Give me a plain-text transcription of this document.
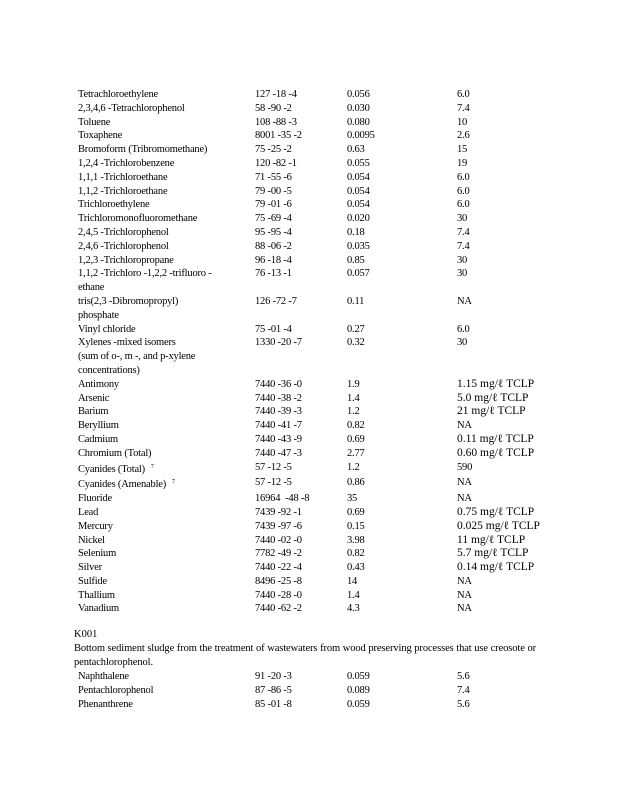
Tetrachloroethylene	127 -18 -4	0.056	6.0
2,3,4,6 -Tetrachlorophenol	58 -90 -2	0.030	7.4
Toluene	108 -88 -3	0.080	10
Toxaphene	8001 -35 -2	0.0095	2.6
Bromoform (Tribromomethane)	75 -25 -2	0.63	15
1,2,4 -Trichlorobenzene	120 -82 -1	0.055	19
1,1,1 -Trichloroethane	71 -55 -6	0.054	6.0
1,1,2 -Trichloroethane	79 -00 -5	0.054	6.0
Trichloroethylene	79 -01 -6	0.054	6.0
Trichloromonofluoromethane	75 -69 -4	0.020	30
2,4,5 -Trichlorophenol	95 -95 -4	0.18	7.4
2,4,6 -Trichlorophenol	88 -06 -2	0.035	7.4
1,2,3 -Trichloropropane	96 -18 -4	0.85	30
1,1,2 -Trichloro -1,2,2 -trifluoro -	76 -13 -1	0.057	30
ethane			
tris(2,3 -Dibromopropyl)	126 -72 -7	0.11	NA
phosphate			
Vinyl chloride	75 -01 -4	0.27	6.0
Xylenes -mixed isomers	1330 -20 -7	0.32	30
(sum of o-, m -, and p-xylene			
concentrations)			
Antimony	7440 -36 -0	1.9	1.15 mg/ℓ TCLP
Arsenic	7440 -38 -2	1.4	5.0 mg/ℓ TCLP
Barium	7440 -39 -3	1.2	21 mg/ℓ TCLP
Beryllium	7440 -41 -7	0.82	NA
Cadmium	7440 -43 -9	0.69	0.11 mg/ℓ TCLP
Chromium (Total)	7440 -47 -3	2.77	0.60 mg/ℓ TCLP
Cyanides (Total) $^7$	57 -12 -5	1.2	590
Cyanides (Amenable) $^7$	57 -12 -5	0.86	NA
Fluoride	16964  -48 -8	35	NA
Lead	7439 -92 -1	0.69	0.75 mg/ℓ TCLP
Mercury	7439 -97 -6	0.15	0.025 mg/ℓ TCLP
Nickel	7440 -02 -0	3.98	11 mg/ℓ TCLP
Selenium	7782 -49 -2	0.82	5.7 mg/ℓ TCLP
Silver	7440 -22 -4	0.43	0.14 mg/ℓ TCLP
Sulfide	8496 -25 -8	14	NA
Thallium	7440 -28 -0	1.4	NA
Vanadium	7440 -62 -2	4.3	NA
K001
Bottom sediment sludge from the treatment of wastewaters from wood preserving processes that use creosote or pentachlorophenol.
Naphthalene	91 -20 -3	0.059	5.6
Pentachlorophenol	87 -86 -5	0.089	7.4
Phenanthrene	85 -01 -8	0.059	5.6
